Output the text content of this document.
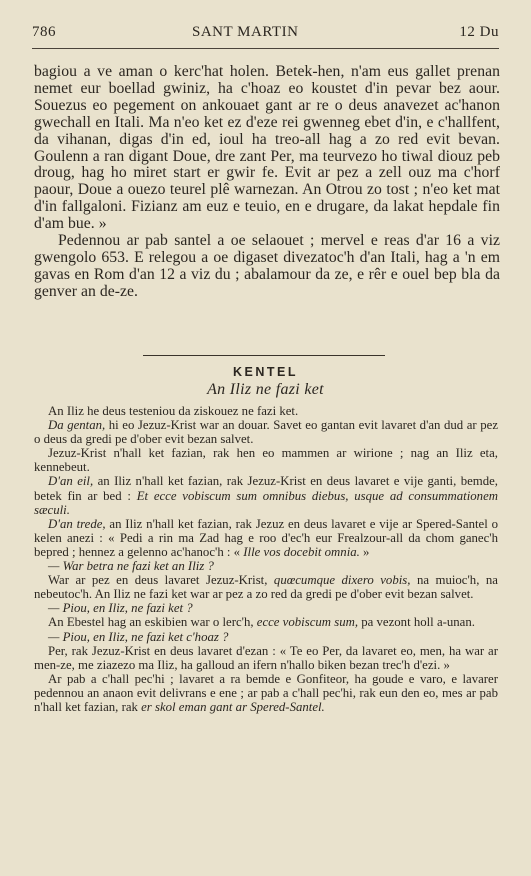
786	SANT MARTIN	12 Du

bagiou a ve aman o kerc'hat holen. Betek-hen, n'am eus gallet prenan nemet eur boellad gwiniz, ha c'hoaz eo koustet d'in pevar bez aour. Souezus eo pegement on ankouaet gant ar re o deus anavezet ac'hanon gwechall en Itali. Ma n'eo ket ez d'eze rei gwenneg ebet d'in, e c'hallfent, da vihanan, digas d'in ed, ioul ha treo-all hag a zo red evit bevan. Goulenn a ran digant Doue, dre zant Per, ma teurvezo ho tiwal diouz peb droug, hag ho miret start er gwir fe. Evit ar pez a zell ouz ma c'horf paour, Doue a ouezo teurel plê warnezan. An Otrou zo tost ; n'eo ket mat d'in fallgaloni. Fizianz am euz e teuio, en e drugare, da lakat hepdale fin d'am bue. »

Pedennou ar pab santel a oe selaouet ; mervel e reas d'ar 16 a viz gwengolo 653. E relegou a oe digaset divezatoc'h d'an Itali, hag a 'n em gavas en Rom d'an 12 a viz du ; abalamour da ze, e rêr e ouel bep bla da genver an de-ze.

KENTEL
An Iliz ne fazi ket

An Iliz he deus testeniou da ziskouez ne fazi ket.

Da gentan, hi eo Jezuz-Krist war an douar. Savet eo gantan evit lavaret d'an dud ar pez o deus da gredi pe d'ober evit bezan salvet.

Jezuz-Krist n'hall ket fazian, rak hen eo mammen ar wirione ; nag an Iliz eta, kennebeut.

D'an eil, an Iliz n'hall ket fazian, rak Jezuz-Krist en deus lavaret e vije ganti, bemde, betek fin ar bed : Et ecce vobiscum sum omnibus diebus, usque ad consummationem sæculi.

D'an trede, an Iliz n'hall ket fazian, rak Jezuz en deus lavaret e vije ar Spered-Santel o kelen anezi : « Pedi a rin ma Zad hag e roo d'ec'h eur Frealzour-all da chom ganec'h bepred ; hennez a gelenno ac'hanoc'h : « Ille vos docebit omnia. »

— War betra ne fazi ket an Iliz ?

War ar pez en deus lavaret Jezuz-Krist, quœcumque dixero vobis, na muioc'h, na nebeutoc'h. An Iliz ne fazi ket war ar pez a zo red da gredi pe d'ober evit bezan salvet.

— Piou, en Iliz, ne fazi ket ?

An Ebestel hag an eskibien war o lerc'h, ecce vobiscum sum, pa vezont holl a-unan.

— Piou, en Iliz, ne fazi ket c'hoaz ?

Per, rak Jezuz-Krist en deus lavaret d'ezan : « Te eo Per, da lavaret eo, men, ha war ar men-ze, me ziazezo ma Iliz, ha galloud an ifern n'hallo biken bezan trec'h d'ezi. »

Ar pab a c'hall pec'hi ; lavaret a ra bemde e Gonfiteor, ha goude e varo, e lavarer pedennou an anaon evit delivrans e ene ; ar pab a c'hall pec'hi, rak eun den eo, mes ar pab n'hall ket fazian, rak er skol eman gant ar Spered-Santel.
